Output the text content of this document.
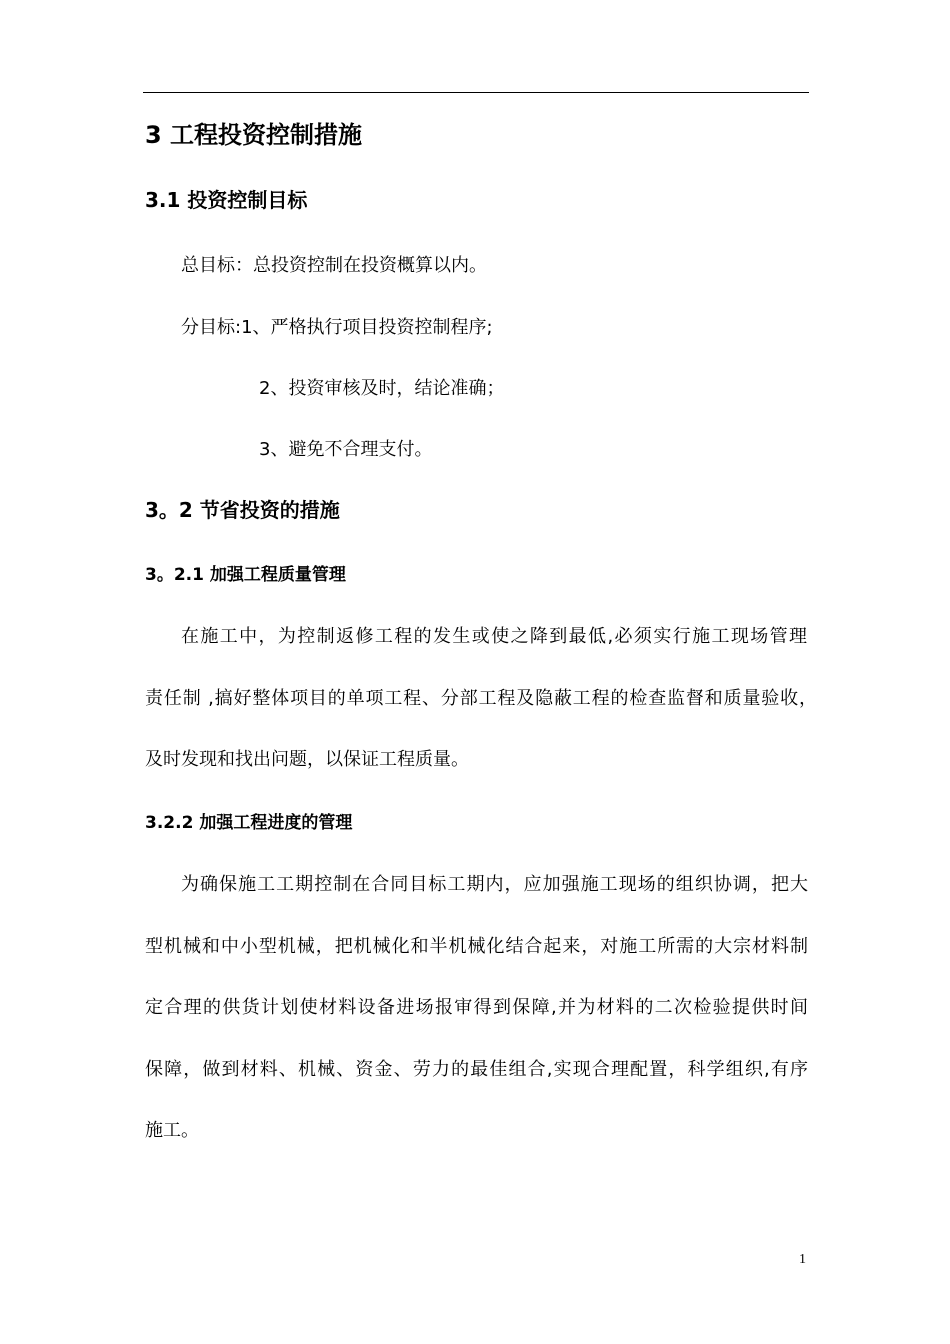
3 工程投资控制措施
3.1 投资控制目标
总目标：总投资控制在投资概算以内。
分目标:1、严格执行项目投资控制程序;
2、投资审核及时，结论准确；
3、避免不合理支付。
3。2 节省投资的措施
3。2.1 加强工程质量管理
在施工中，为控制返修工程的发生或使之降到最低,必须实行施工现场管理
责任制 ,搞好整体项目的单项工程、分部工程及隐蔽工程的检查监督和质量验收，
及时发现和找出问题，以保证工程质量。
3.2.2 加强工程进度的管理
为确保施工工期控制在合同目标工期内，应加强施工现场的组织协调，把大
型机械和中小型机械，把机械化和半机械化结合起来，对施工所需的大宗材料制
定合理的供货计划使材料设备进场报审得到保障,并为材料的二次检验提供时间
保障，做到材料、机械、资金、劳力的最佳组合,实现合理配置，科学组织,有序
施工。
1
